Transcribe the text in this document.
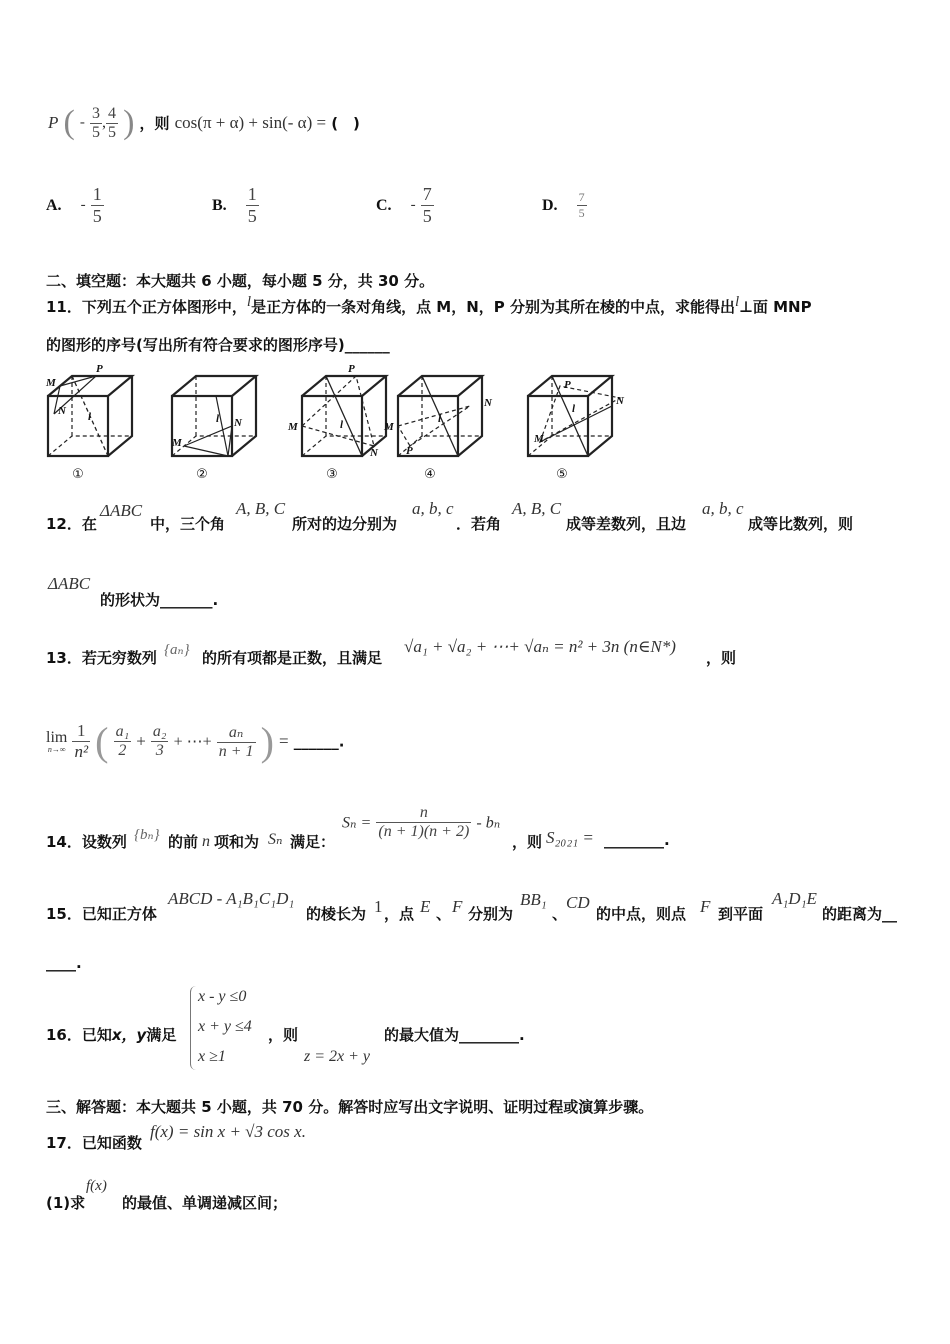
P ( - $\frac{3}{5}$ , $\frac{4}{5}$ ) ，则 cos(π + α) + sin(- α) = (　)
A. - $\frac{1}{5}$	B. $\frac{1}{5}$	C. - $\frac{7}{5}$	D. $\frac{7}{5}$
二、填空题：本大题共 6 小题，每小题 5 分，共 30 分。
11．下列五个正方体图形中，l是正方体的一条对角线，点 M，N，P 分别为其所在棱的中点，求能得出l⊥面 MNP
的图形的序号(写出所有符合要求的图形序号)______
M
P
N l
M
N
l
M
P
N
l	M
N
P
l
M
P
N
l
①	②	③	④	⑤
12．在
ΔABC
中，三个角
A, B, C
所对的边分别为
a, b, c
．若角
A, B, C
成等差数列，且边
a, b, c
成等比数列，则
ΔABC
的形状为_______.
13．若无穷数列 {aₙ} 的所有项都是正数，且满足
√a₁ + √a₂ + ⋯+ √aₙ = n² + 3n (n∈N*)
，则
lim
n→∞
$\frac{1}{\text{n²}}$ ( $\frac{\text{a₁}}{2} + \frac{\text{a₂}}{3}$ + ⋯+ $\frac{\text{aₙ}}{n + 1}$ ) = ______.
14．设数列 {bₙ} 的前 n 项和为 Sₙ 满足：
$S_n = \frac{n}{(n + 1)(n + 2)} - b_n$
，则 S₂₀₂₁ = ________.
15．已知正方体
ABCD - A₁B₁C₁D₁
的棱长为 1 ，点 E 、 F 分别为
BB₁
、
CD
的中点，则点 F 到平面
A₁D₁E
的距离为__
____.
16．已知x，y满足
x - y ≤0
x + y ≤4
x ≥1
，则
z = 2x + y
的最大值为________.
三、解答题：本大题共 5 小题，共 70 分。解答时应写出文字说明、证明过程或演算步骤。
17．已知函数
f(x) = sin x + √3 cos x.
(1)求
f(x)
的最值、单调递减区间；
